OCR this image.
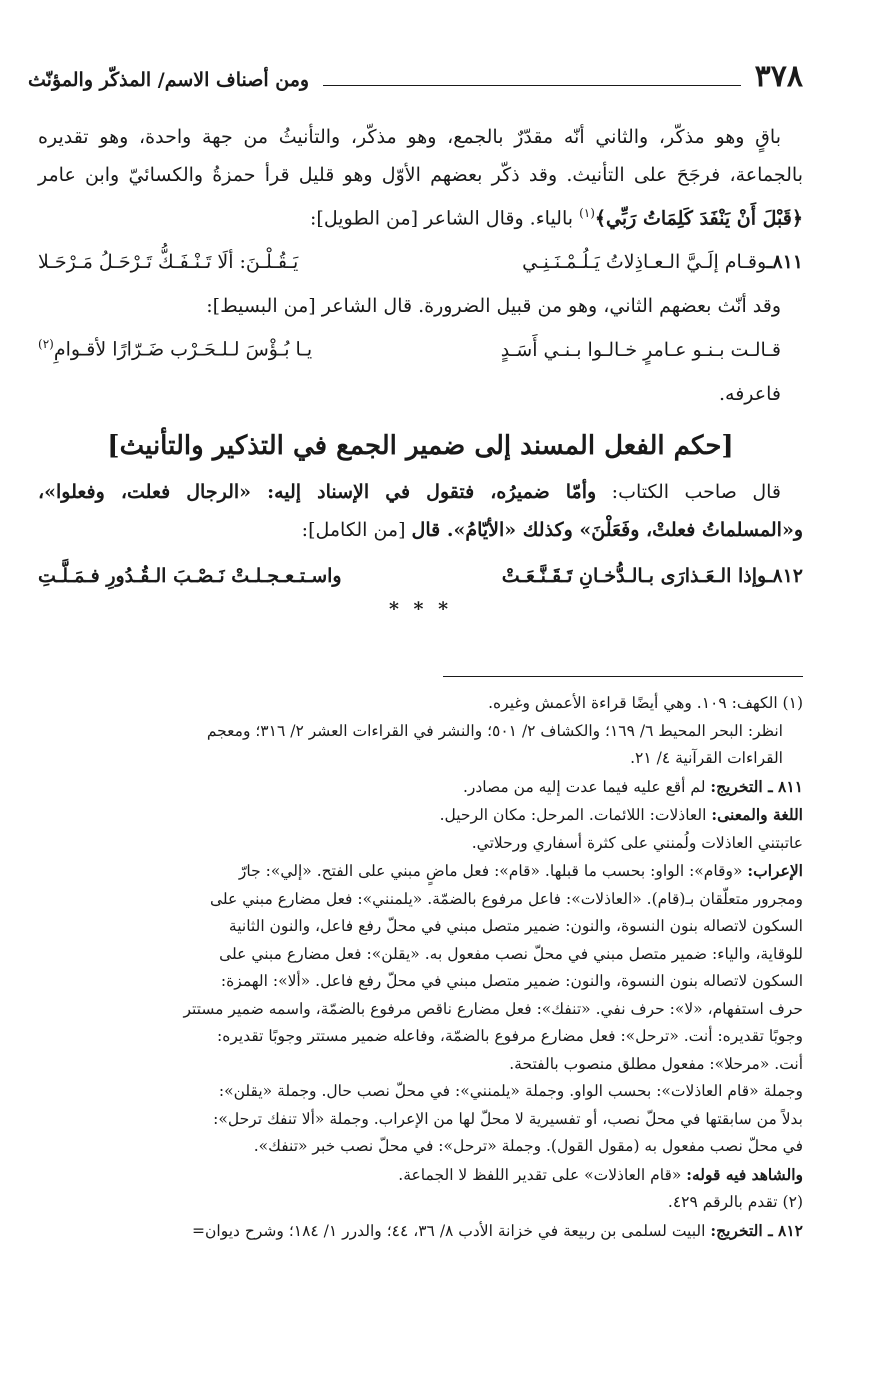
٣٧٨
ومن أصناف الاسم/ المذكّر والمؤنّث

باقٍ وهو مذكّر، والثاني أنّه مقدّرٌ بالجمع، وهو مذكّر، والتأنيثُ من جهة واحدة، وهو تقديره بالجماعة، فرجَحَ على التأنيث. وقد ذكّر بعضهم الأوّل وهو قليل قرأ حمزةُ والكسائيّ وابن عامر ﴿قَبْلَ أَنْ يَنْفَدَ كَلِمَاتُ رَبِّي﴾$^{(١)}$ بالياء. وقال الشاعر [من الطويل]:

٨١١ـوقـام إلَـيَّ الـعـاذِلاتُ يَـلُـمْـنَـنِـي
يَـقُـلْـنَ: ألَا تَـنْـفَـكُّ تَـرْحَـلُ مَـرْحَـلا

وقد أنّث بعضهم الثاني، وهو من قبيل الضرورة. قال الشاعر [من البسيط]:

قـالـت بـنـو عـامرٍ خـالـوا بـنـي أَسَـدٍ
يـا بُـؤْسَ لـلـحَـرْب ضَـرّارًا لأقـوامِ$^{(٢)}$

فاعرفه.

[حكم الفعل المسند إلى ضمير الجمع في التذكير والتأنيث]

قال صاحب الكتاب: وأمّا ضميرُه، فتقول في الإسناد إليه: «الرجال فعلت، وفعلوا»، و«المسلماتُ فعلتْ، وفَعَلْنَ» وكذلك «الأيّامُ». قال [من الكامل]:

٨١٢ـوإذا الـعَـذارَى بـالـدُّخـانِ تَـقَـنَّـعَـتْ
واسـتـعـجـلـتْ نَـصْـبَ الـقُـدُورِ فـمَـلَّـتِ
* * *

(١) الكهف: ١٠٩. وهي أيضًا قراءة الأعمش وغيره.

انظر: البحر المحيط ٦/ ١٦٩؛ والكشاف ٢/ ٥٠١؛ والنشر في القراءات العشر ٢/ ٣١٦؛ ومعجم

القراءات القرآنية ٤/ ٢١.

٨١١ ـ التخريج: لم أقع عليه فيما عدت إليه من مصادر.

اللغة والمعنى: العاذلات: اللائمات. المرحل: مكان الرحيل.

عاتبتني العاذلات ولُمنني على كثرة أسفاري ورحلاتي.

الإعراب: «وقام»: الواو: بحسب ما قبلها. «قام»: فعل ماضٍ مبني على الفتح. «إلي»: جارّ

ومجرور متعلّقان بـ(قام). «العاذلات»: فاعل مرفوع بالضمّة. «يلمنني»: فعل مضارع مبني على

السكون لاتصاله بنون النسوة، والنون: ضمير متصل مبني في محلّ رفع فاعل، والنون الثانية

للوقاية، والياء: ضمير متصل مبني في محلّ نصب مفعول به. «يقلن»: فعل مضارع مبني على

السكون لاتصاله بنون النسوة، والنون: ضمير متصل مبني في محلّ رفع فاعل. «ألا»: الهمزة:

حرف استفهام، «لا»: حرف نفي. «تنفك»: فعل مضارع ناقص مرفوع بالضمّة، واسمه ضمير مستتر

وجوبًا تقديره: أنت. «ترحل»: فعل مضارع مرفوع بالضمّة، وفاعله ضمير مستتر وجوبًا تقديره:

أنت. «مرحلا»: مفعول مطلق منصوب بالفتحة.

وجملة «قام العاذلات»: بحسب الواو. وجملة «يلمنني»: في محلّ نصب حال. وجملة «يقلن»:

بدلاً من سابقتها في محلّ نصب، أو تفسيرية لا محلّ لها من الإعراب. وجملة «ألا تنفك ترحل»:

في محلّ نصب مفعول به (مقول القول). وجملة «ترحل»: في محلّ نصب خبر «تنفك».

والشاهد فيه قوله: «قام العاذلات» على تقدير اللفظ لا الجماعة.

(٢) تقدم بالرقم ٤٢٩.

٨١٢ ـ التخريج: البيت لسلمى بن ربيعة في خزانة الأدب ٨/ ٣٦، ٤٤؛ والدرر ١/ ١٨٤؛ وشرح ديوان=
